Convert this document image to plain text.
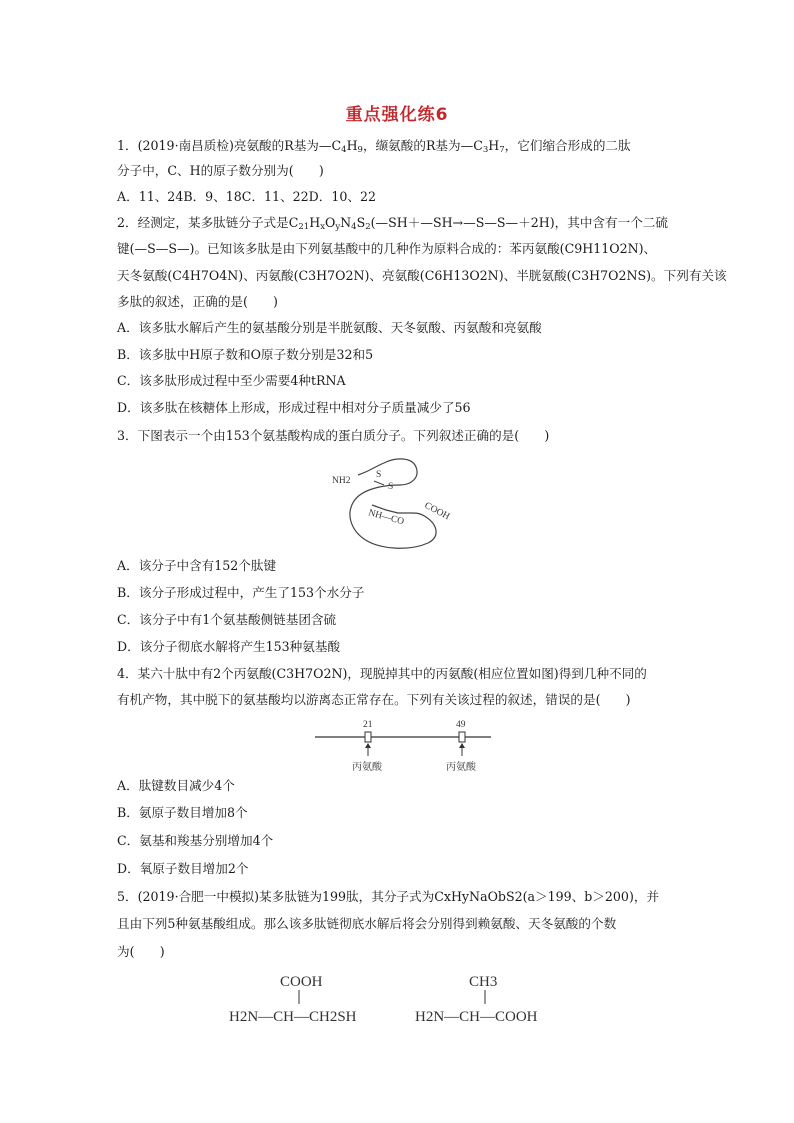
重点强化练6
1．(2019·南昌质检)亮氨酸的R基为$—C_4H_9$，缬氨酸的R基为$—C_3H_7$，它们缩合形成的二肽
分子中，C、H的原子数分别为(　　)
A．11、24B．9、18C．11、22D．10、22
2．经测定，某多肽链分子式是$C_{21}H_xO_yN_4S_2(—SH+—SH\to—S—S—+2H)$，其中含有一个二硫
键(—S—S—)。已知该多肽是由下列氨基酸中的几种作为原料合成的：苯丙氨酸(C9H11O2N)、
天冬氨酸(C4H7O4N)、丙氨酸(C3H7O2N)、亮氨酸(C6H13O2N)、半胱氨酸(C3H7O2NS)。下列有关该
多肽的叙述，正确的是(　　)
A．该多肽水解后产生的氨基酸分别是半胱氨酸、天冬氨酸、丙氨酸和亮氨酸
B．该多肽中H原子数和O原子数分别是32和5
C．该多肽形成过程中至少需要4种tRNA
D．该多肽在核糖体上形成，形成过程中相对分子质量减少了56
3．下图表示一个由153个氨基酸构成的蛋白质分子。下列叙述正确的是(　　)
NH2
S
S
NH—CO COOH
A．该分子中含有152个肽键
B．该分子形成过程中，产生了153个水分子
C．该分子中有1个氨基酸侧链基团含硫
D．该分子彻底水解将产生153种氨基酸
4．某六十肽中有2个丙氨酸(C3H7O2N)，现脱掉其中的丙氨酸(相应位置如图)得到几种不同的
有机产物，其中脱下的氨基酸均以游离态正常存在。下列有关该过程的叙述，错误的是(　　)
21	49
丙氨酸	丙氨酸
A．肽键数目减少4个
B．氨原子数目增加8个
C．氨基和羧基分别增加4个
D．氧原子数目增加2个
5．(2019·合肥一中模拟)某多肽链为199肽，其分子式为CxHyNaObS2(a＞199、b＞200)，并
且由下列5种氨基酸组成。那么该多肽链彻底水解后将会分别得到赖氨酸、天冬氨酸的个数
为(　　)
COOH
H2N—CH—CH2SH
CH3
H2N—CH—COOH
